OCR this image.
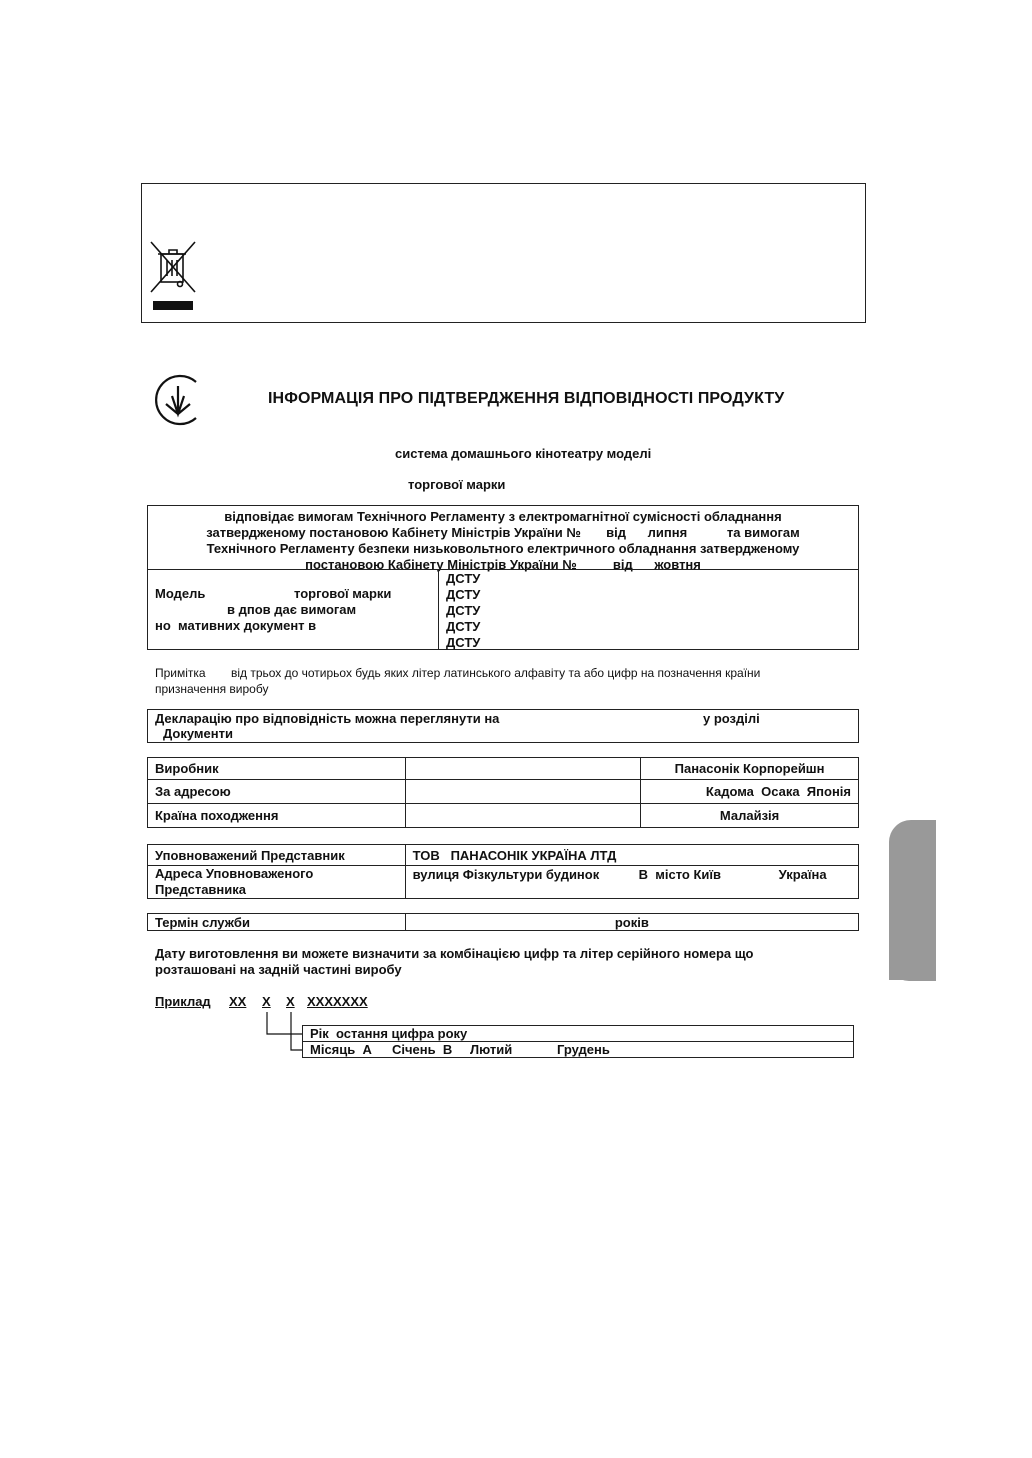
ІНФОРМАЦІЯ ПРО ПІДТВЕРДЖЕННЯ ВІДПОВІДНОСТІ ПРОДУКТУ
система домашнього кінотеатру моделі
торгової марки
відповідає вимогам Технічного Регламенту з електромагнітної сумісності обладнання
затвердженому постановою Кабінету Міністрів України №       від      липня           та вимогам
Технічного Регламенту безпеки низьковольтного електричного обладнання затвердженому
постановою Кабінету Міністрів України №          від      жовтня
Модель	торгової марки
в дпов дає вимогам
но  мативних документ в
ДСТУ
ДСТУ
ДСТУ
ДСТУ
ДСТУ
Примітка від трьох до чотирьох будь яких літер латинського алфавіту та або цифр на позначення країни
призначення виробу
Декларацію про відповідність можна переглянути на	у розділі
Документи
Виробник		Панасонік Корпорейшн
За адресою		Кадома  Осака  Японія
Країна походження		Малайзія
Уповноважений Представник	ТОВ   ПАНАСОНІК УКРАЇНА ЛТД
Адреса Уповноваженого
Представника	вулиця Фізкультури будинок В  місто Київ Україна
Термін служби	років
Дату виготовлення ви можете визначити за комбінацією цифр та літер серійного номера що
розташовані на задній частині виробу
Приклад XX X X XXXXXXX
Рік  остання цифра року
Місяць  А Січень  В Лютий	Грудень
